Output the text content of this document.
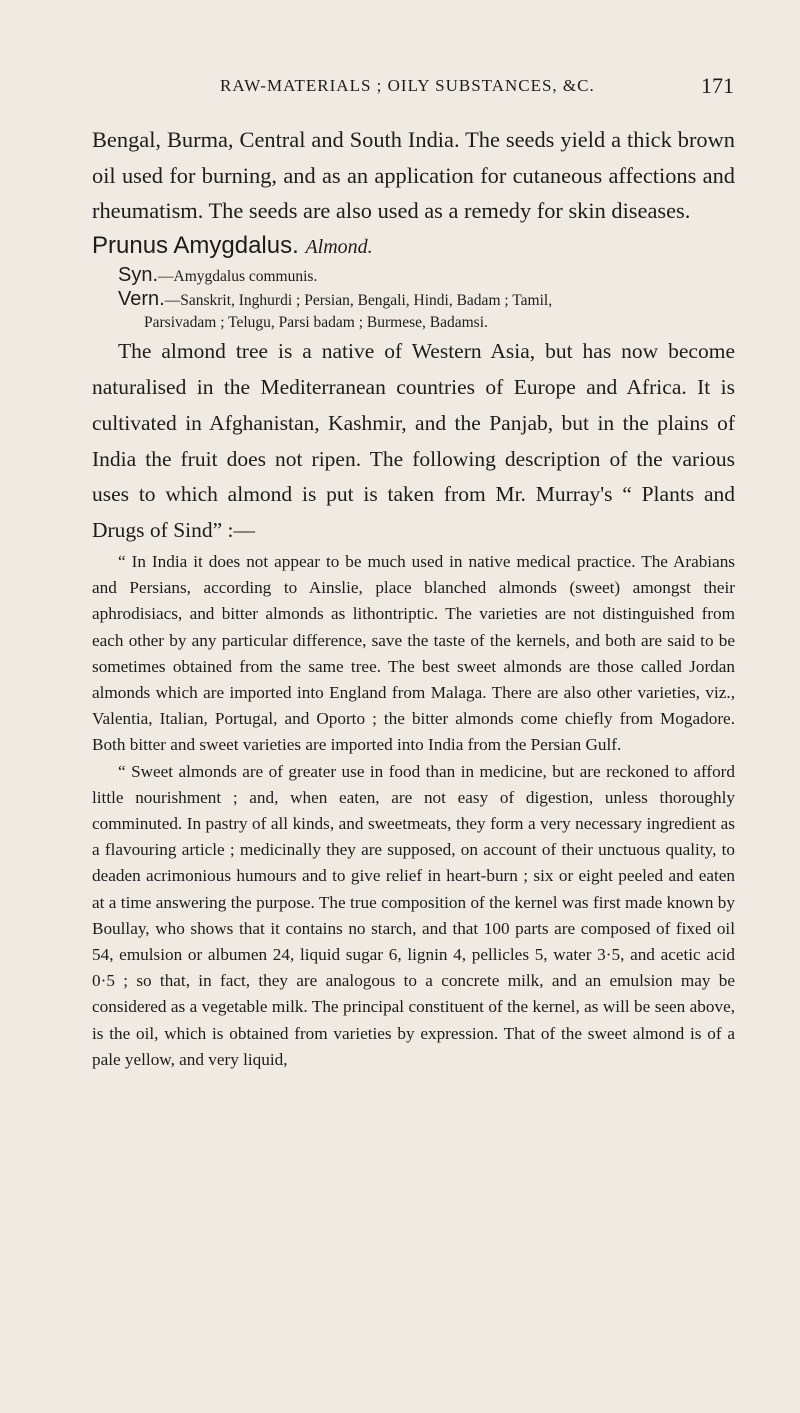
RAW-MATERIALS ; OILY SUBSTANCES, &C.	171

Bengal, Burma, Central and South India. The seeds yield a thick brown oil used for burning, and as an application for cutaneous affections and rheumatism. The seeds are also used as a remedy for skin diseases.

Prunus Amygdalus. Almond.

Syn.—Amygdalus communis.

Vern.—Sanskrit, Inghurdi ; Persian, Bengali, Hindi, Badam ; Tamil,

Parsivadam ; Telugu, Parsi badam ; Burmese, Badamsi.

The almond tree is a native of Western Asia, but has now become naturalised in the Mediterranean countries of Europe and Africa. It is cultivated in Afghanistan, Kashmir, and the Panjab, but in the plains of India the fruit does not ripen. The following description of the various uses to which almond is put is taken from Mr. Murray's “ Plants and Drugs of Sind” :—

“ In India it does not appear to be much used in native medical practice. The Arabians and Persians, according to Ainslie, place blanched almonds (sweet) amongst their aphrodisiacs, and bitter almonds as lithontriptic. The varieties are not distinguished from each other by any particular difference, save the taste of the kernels, and both are said to be sometimes obtained from the same tree. The best sweet almonds are those called Jordan almonds which are imported into England from Malaga. There are also other varieties, viz., Valentia, Italian, Portugal, and Oporto ; the bitter almonds come chiefly from Mogadore. Both bitter and sweet varieties are imported into India from the Persian Gulf.

“ Sweet almonds are of greater use in food than in medicine, but are reckoned to afford little nourishment ; and, when eaten, are not easy of digestion, unless thoroughly comminuted. In pastry of all kinds, and sweetmeats, they form a very necessary ingredient as a flavouring article ; medicinally they are supposed, on account of their unctuous quality, to deaden acrimonious humours and to give relief in heart-burn ; six or eight peeled and eaten at a time answering the purpose. The true composition of the kernel was first made known by Boullay, who shows that it contains no starch, and that 100 parts are composed of fixed oil 54, emulsion or albumen 24, liquid sugar 6, lignin 4, pellicles 5, water 3·5, and acetic acid 0·5 ; so that, in fact, they are analogous to a concrete milk, and an emulsion may be considered as a vegetable milk. The principal constituent of the kernel, as will be seen above, is the oil, which is obtained from varieties by expression. That of the sweet almond is of a pale yellow, and very liquid,
